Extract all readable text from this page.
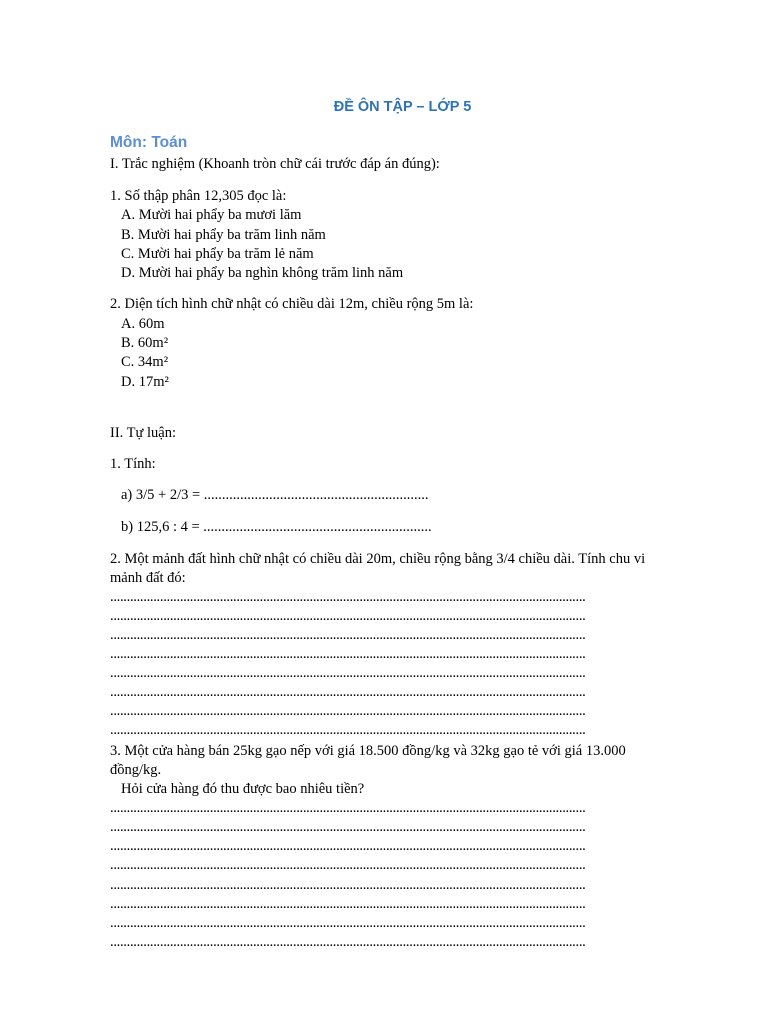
ĐỀ ÔN TẬP – LỚP 5
Môn: Toán
I. Trắc nghiệm (Khoanh tròn chữ cái trước đáp án đúng):
1. Số thập phân 12,305 đọc là:
A. Mười hai phẩy ba mươi lăm
B. Mười hai phẩy ba trăm linh năm
C. Mười hai phẩy ba trăm lẻ năm
D. Mười hai phẩy ba nghìn không trăm linh năm
2. Diện tích hình chữ nhật có chiều dài 12m, chiều rộng 5m là:
A. 60m
B. 60m²
C. 34m²
D. 17m²
II. Tự luận:
1. Tính:
a) 3/5 + 2/3 = ..............................................................
b) 125,6 : 4 = ...............................................................
2. Một mảnh đất hình chữ nhật có chiều dài 20m, chiều rộng bằng 3/4 chiều dài. Tính chu vi
mảnh đất đó:
...............................................................................................................................................
...............................................................................................................................................
...............................................................................................................................................
...............................................................................................................................................
...............................................................................................................................................
...............................................................................................................................................
...............................................................................................................................................
...............................................................................................................................................
3. Một cửa hàng bán 25kg gạo nếp với giá 18.500 đồng/kg và 32kg gạo tẻ với giá 13.000
đồng/kg.
Hỏi cửa hàng đó thu được bao nhiêu tiền?
...............................................................................................................................................
...............................................................................................................................................
...............................................................................................................................................
...............................................................................................................................................
...............................................................................................................................................
...............................................................................................................................................
...............................................................................................................................................
...............................................................................................................................................
